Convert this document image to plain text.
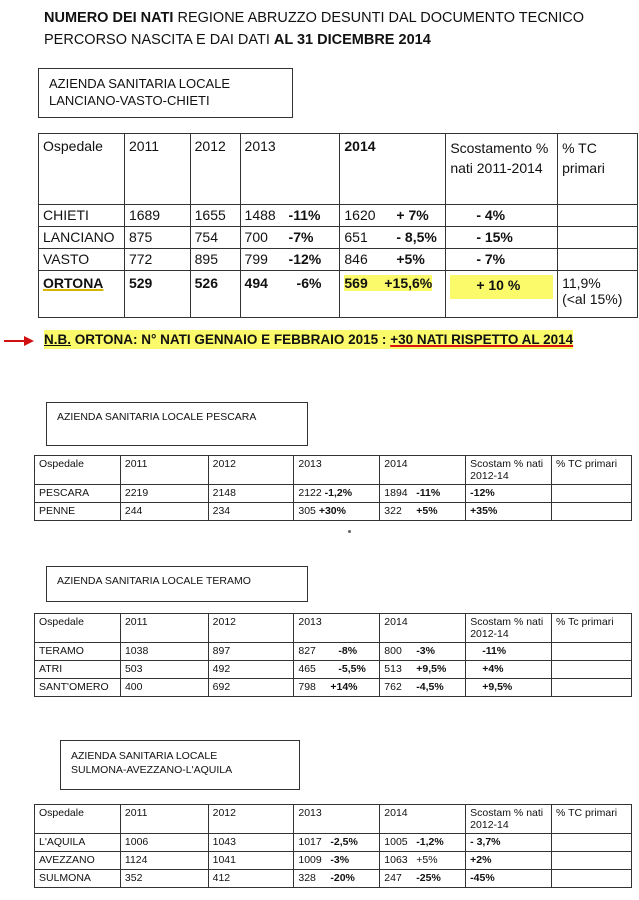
NUMERO DEI NATI REGIONE ABRUZZO DESUNTI DAL DOCUMENTO TECNICO
PERCORSO NASCITA E DAI DATI AL 31 DICEMBRE 2014
AZIENDA SANITARIA LOCALE
LANCIANO-VASTO-CHIETI
Ospedale	2011	2012	2013	2014	Scostamento % nati 2011-2014	% TC primari
CHIETI	1689	1655	1488 -11%	1620 + 7%	- 4%	
LANCIANO	875	754	700 -7%	651 - 8,5%	- 15%	
VASTO	772	895	799 -12%	846 +5%	- 7%	
ORTONA	529	526	494 -6%	569 +15,6%	+ 10 %	11,9%
(<al 15%)
N.B. ORTONA: N° NATI GENNAIO E FEBBRAIO 2015 : +30 NATI RISPETTO AL 2014
AZIENDA SANITARIA LOCALE PESCARA
Ospedale	2011	2012	2013	2014	Scostam % nati 2012-14	% TC primari
PESCARA	2219	2148	2122 -1,2%	1894 -11%	-12%	
PENNE	244	234	305 +30%	322 +5%	+35%	
AZIENDA SANITARIA LOCALE TERAMO
Ospedale	2011	2012	2013	2014	Scostam % nati 2012-14	% Tc primari
TERAMO	1038	897	827 -8%	800 -3%	-11%	
ATRI	503	492	465 -5,5%	513 +9,5%	+4%	
SANT'OMERO	400	692	798 +14%	762 -4,5%	+9,5%	
AZIENDA SANITARIA LOCALE
SULMONA-AVEZZANO-L'AQUILA
Ospedale	2011	2012	2013	2014	Scostam % nati 2012-14	% TC primari
L'AQUILA	1006	1043	1017 -2,5%	1005 -1,2%	- 3,7%	
AVEZZANO	1124	1041	1009 -3%	1063 +5%	+2%	
SULMONA	352	412	328 -20%	247 -25%	-45%	
